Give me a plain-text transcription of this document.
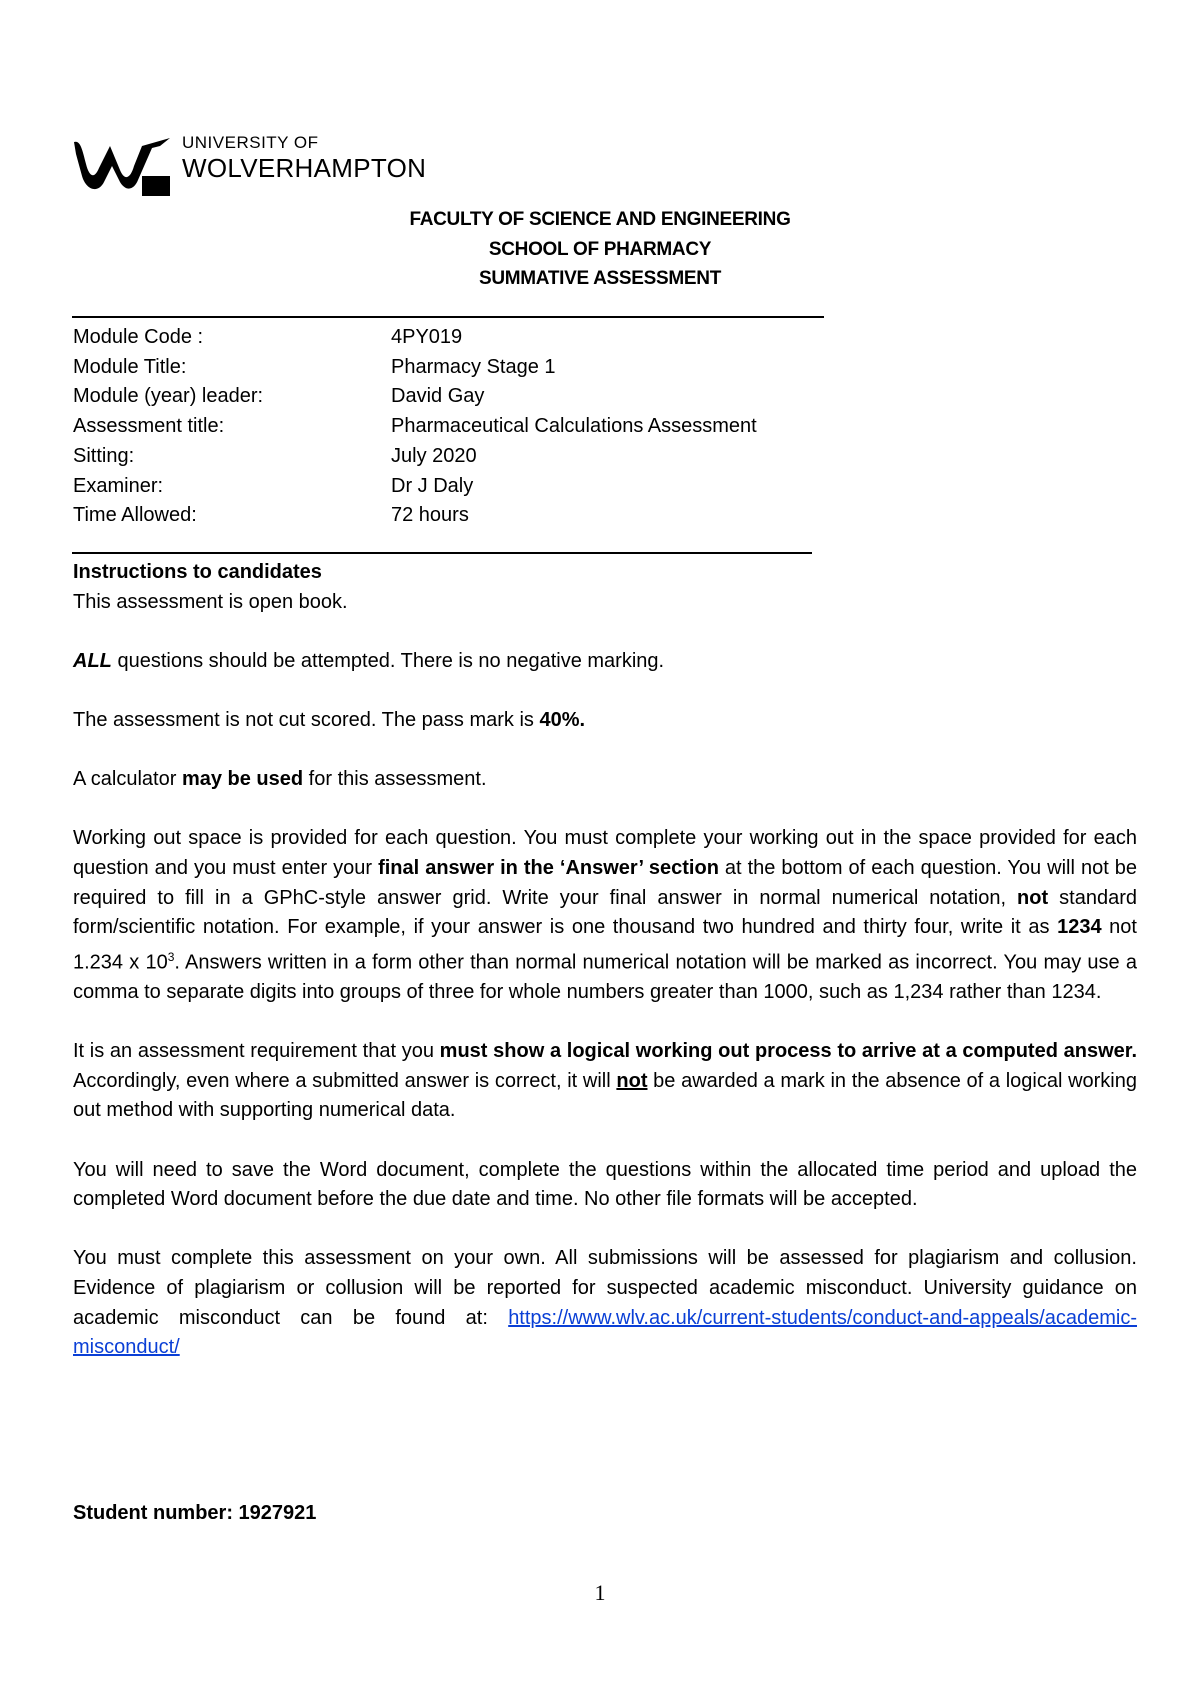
UNIVERSITY OF
WOLVERHAMPTON
FACULTY OF SCIENCE AND ENGINEERING
SCHOOL OF PHARMACY
SUMMATIVE ASSESSMENT
Module Code :	4PY019
Module Title:	Pharmacy Stage 1
Module (year) leader:	David Gay
Assessment title:	Pharmaceutical Calculations Assessment
Sitting:	July 2020
Examiner:	Dr J Daly
Time Allowed:	72 hours

Instructions to candidates

This assessment is open book.

ALL questions should be attempted. There is no negative marking.

The assessment is not cut scored. The pass mark is 40%.

A calculator may be used for this assessment.

Working out space is provided for each question. You must complete your working out in the space provided for each question and you must enter your final answer in the ‘Answer’ section at the bottom of each question. You will not be required to fill in a GPhC-style answer grid. Write your final answer in normal numerical notation, not standard form/scientific notation. For example, if your answer is one thousand two hundred and thirty four, write it as 1234 not 1.234 x $10^3$. Answers written in a form other than normal numerical notation will be marked as incorrect. You may use a comma to separate digits into groups of three for whole numbers greater than 1000, such as 1,234 rather than 1234.

It is an assessment requirement that you must show a logical working out process to arrive at a computed answer. Accordingly, even where a submitted answer is correct, it will not be awarded a mark in the absence of a logical working out method with supporting numerical data.

You will need to save the Word document, complete the questions within the allocated time period and upload the completed Word document before the due date and time. No other file formats will be accepted.

You must complete this assessment on your own. All submissions will be assessed for plagiarism and collusion. Evidence of plagiarism or collusion will be reported for suspected academic misconduct. University guidance on academic misconduct can be found at: https://www.wlv.ac.uk/current-students/conduct-and-appeals/academic-misconduct/

Student number: 1927921
1
